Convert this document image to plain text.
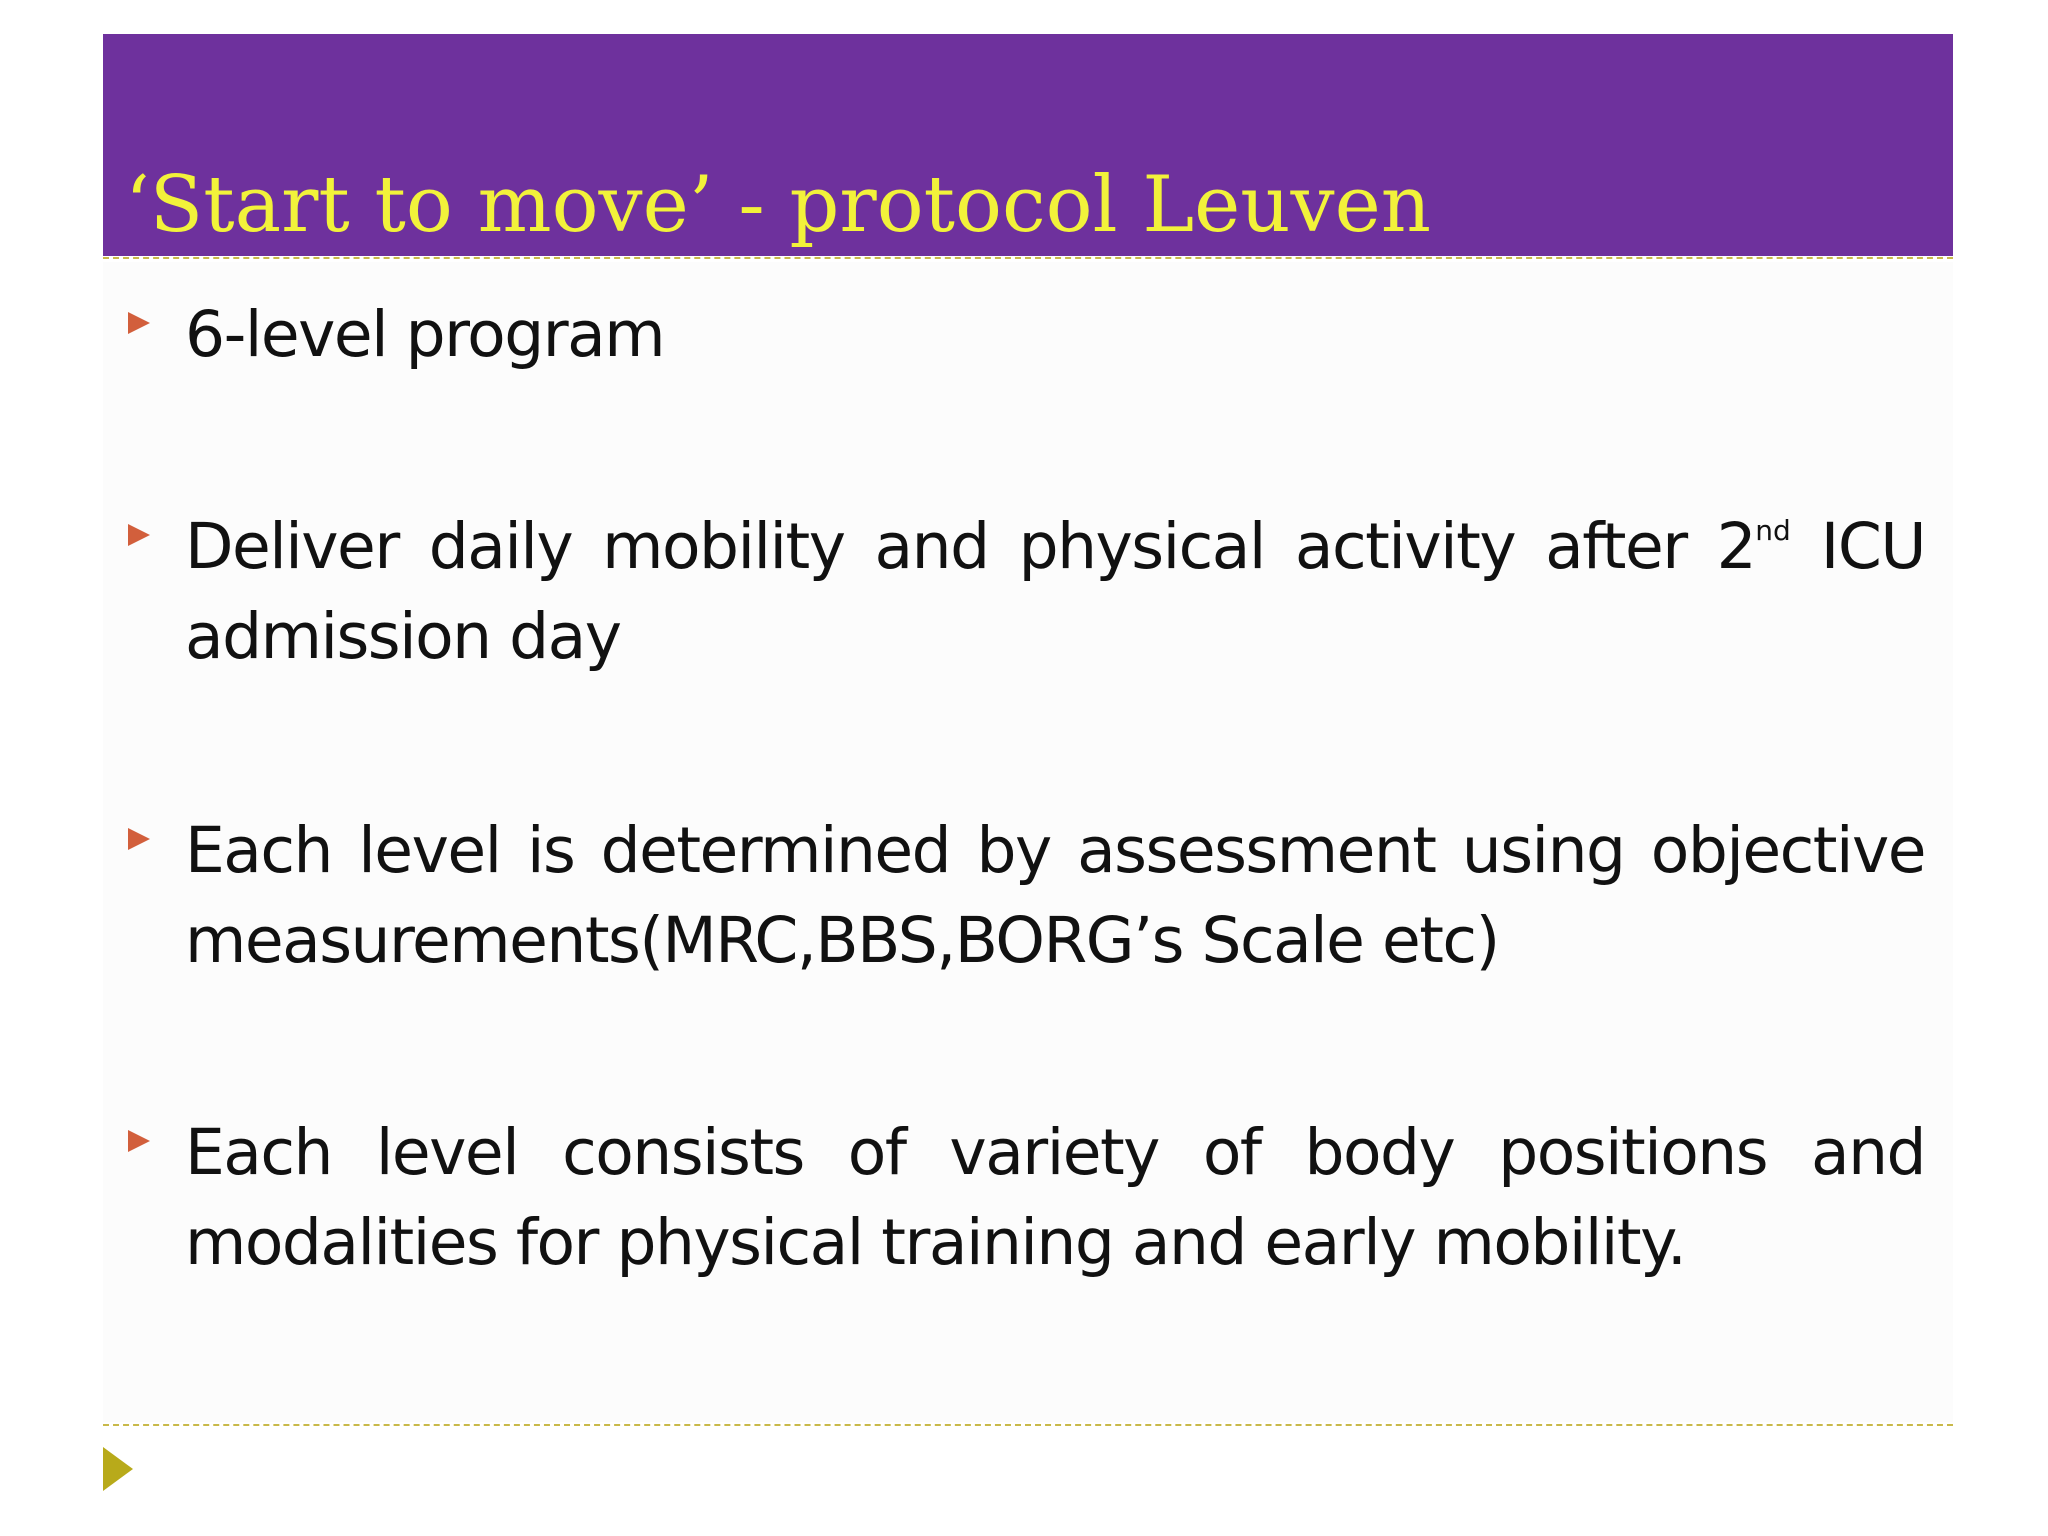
‘Start to move’ - protocol Leuven

6-level program

Deliver daily mobility and physical activity after 2nd ICU admission day

Each level is determined by assessment using objective measurements(MRC,BBS,BORG’s Scale etc)

Each level consists of variety of body positions and modalities for physical training and early mobility.
